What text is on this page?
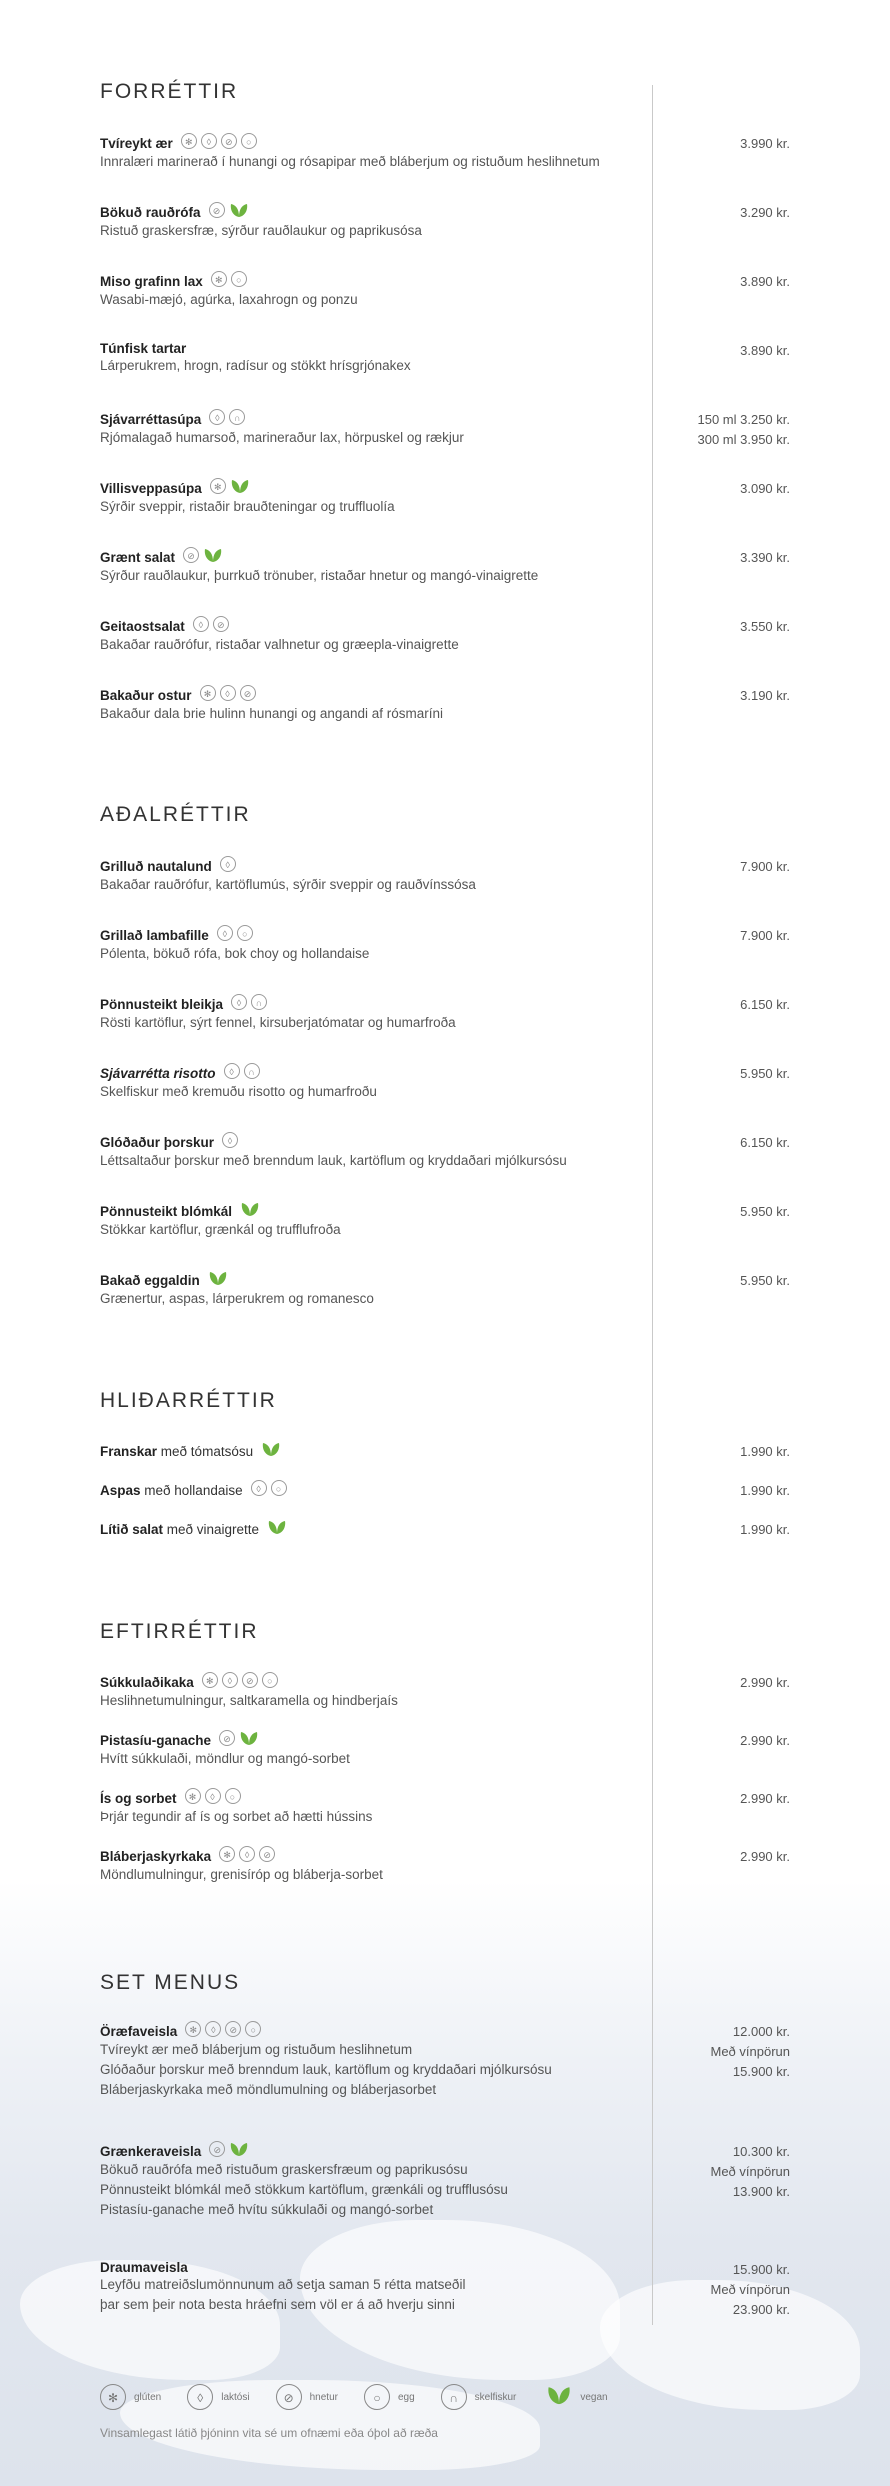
FORRÉTTIR
Tvíreykt ær	✻ ◊ ⊘ ○
Innralæri marinerað í hunangi og rósapipar með bláberjum og ristuðum heslihnetum
3.990 kr.
Bökuð rauðrófa	⊘
Ristuð graskersfræ, sýrður rauðlaukur og paprikusósa
3.290 kr.
Miso grafinn lax	✻ ○
Wasabi-mæjó, agúrka, laxahrogn og ponzu
3.890 kr.
Túnfisk tartar
Lárperukrem, hrogn, radísur og stökkt hrísgrjónakex
3.890 kr.
Sjávarréttasúpa	◊ ∩
Rjómalagað humarsoð, marineraður lax, hörpuskel og rækjur
150 ml 3.250 kr.
300 ml 3.950 kr.
Villisveppasúpa	✻
Sýrðir sveppir, ristaðir brauðteningar og truffluolía
3.090 kr.
Grænt salat	⊘
Sýrður rauðlaukur, þurrkuð trönuber, ristaðar hnetur og mangó-vinaigrette
3.390 kr.
Geitaostsalat	◊ ⊘
Bakaðar rauðrófur, ristaðar valhnetur og græepla-vinaigrette
3.550 kr.
Bakaður ostur	✻ ◊ ⊘
Bakaður dala brie hulinn hunangi og angandi af rósmaríni
3.190 kr.
AÐALRÉTTIR
Grilluð nautalund	◊
Bakaðar rauðrófur, kartöflumús, sýrðir sveppir og rauðvínssósa
7.900 kr.
Grillað lambafille	◊ ○
Pólenta, bökuð rófa, bok choy og hollandaise
7.900 kr.
Pönnusteikt bleikja	◊ ∩
Rösti kartöflur, sýrt fennel, kirsuberjatómatar og humarfroða
6.150 kr.
Sjávarrétta risotto	◊ ∩
Skelfiskur með kremuðu risotto og humarfroðu
5.950 kr.
Glóðaður þorskur	◊
Léttsaltaður þorskur með brenndum lauk, kartöflum og kryddaðari mjólkursósu
6.150 kr.
Pönnusteikt blómkál
Stökkar kartöflur, grænkál og trufflufroða
5.950 kr.
Bakað eggaldin
Grænertur, aspas, lárperukrem og romanesco
5.950 kr.
HLIÐARRÉTTIR
Franskar með tómatsósu	1.990 kr.
Aspas með hollandaise	◊ ○	1.990 kr.
Lítið salat með vinaigrette	1.990 kr.
EFTIRRÉTTIR
Súkkulaðikaka	✻ ◊ ⊘ ○
Heslihnetumulningur, saltkaramella og hindberjaís
2.990 kr.
Pistasíu-ganache	⊘
Hvítt súkkulaði, möndlur og mangó-sorbet
2.990 kr.
Ís og sorbet	✻ ◊ ○
Þrjár tegundir af ís og sorbet að hætti hússins
2.990 kr.
Bláberjaskyrkaka	✻ ◊ ⊘
Möndlumulningur, grenisíróp og bláberja-sorbet
2.990 kr.
SET MENUS
Öræfaveisla	✻ ◊ ⊘ ○
Tvíreykt ær með bláberjum og ristuðum heslihnetum
Glóðaður þorskur með brenndum lauk, kartöflum og kryddaðari mjólkursósu
Bláberjaskyrkaka með möndlumulning og bláberjasorbet
12.000 kr.
Með vínpörun
15.900 kr.
Grænkeraveisla	⊘
Bökuð rauðrófa með ristuðum graskersfræum og paprikusósu
Pönnusteikt blómkál með stökkum kartöflum, grænkáli og trufflusósu
Pistasíu-ganache með hvítu súkkulaði og mangó-sorbet
10.300 kr.
Með vínpörun
13.900 kr.
Draumaveisla
Leyfðu matreiðslumönnunum að setja saman 5 rétta matseðil
þar sem þeir nota besta hráefni sem völ er á að hverju sinni
15.900 kr.
Með vínpörun
23.900 kr.
✻	glúten	◊	laktósi	⊘	hnetur	○	egg	∩	skelfiskur	vegan
Vinsamlegast látið þjóninn vita sé um ofnæmi eða óþol að ræða
